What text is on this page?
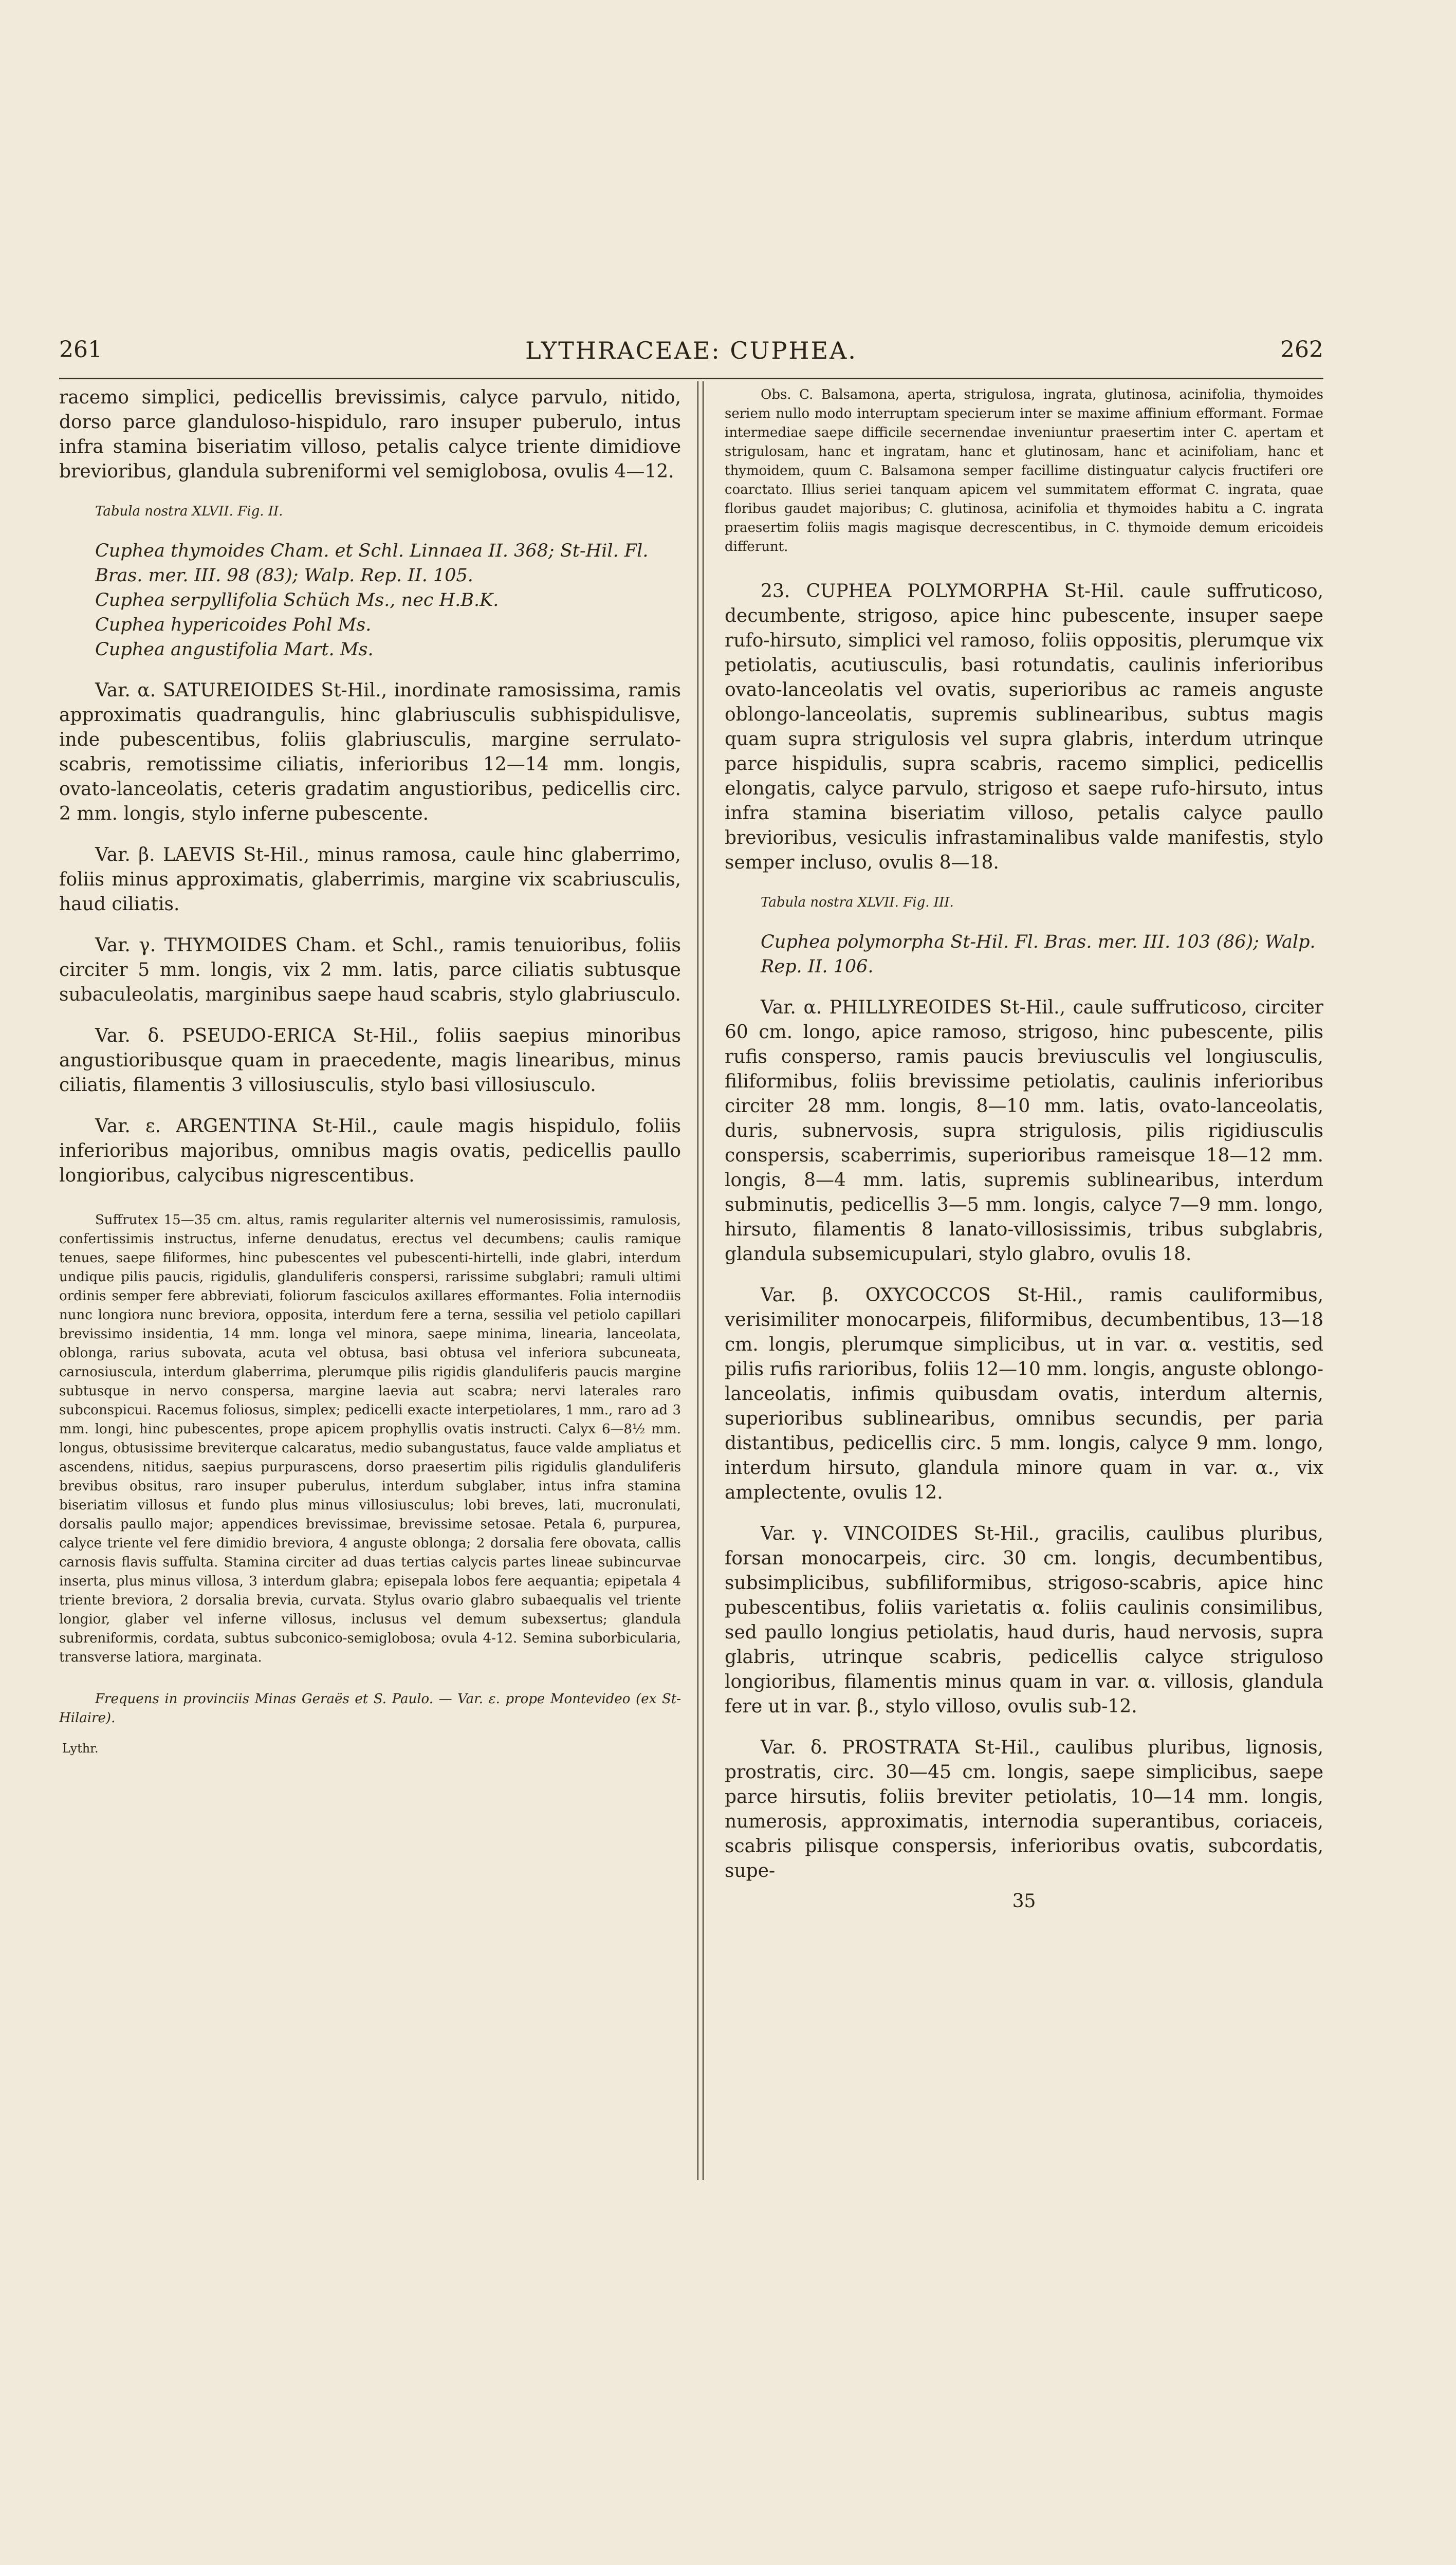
261	LYTHRACEAE: CUPHEA.	262

racemo simplici, pedicellis brevissimis, calyce parvulo, nitido, dorso parce glanduloso-hispidulo, raro insuper puberulo, intus infra stamina biseriatim villoso, petalis calyce triente dimidiove brevioribus, glandula subreniformi vel semiglobosa, ovulis 4—12.

Tabula nostra XLVII. Fig. II.

Cuphea thymoides Cham. et Schl. Linnaea II. 368; St-Hil. Fl. Bras. mer. III. 98 (83); Walp. Rep. II. 105.

Cuphea serpyllifolia Schüch Ms., nec H.B.K.

Cuphea hypericoides Pohl Ms.

Cuphea angustifolia Mart. Ms.

Var. α. SATUREIOIDES St-Hil., inordinate ramosissima, ramis approximatis quadrangulis, hinc glabriusculis subhispidulisve, inde pubescentibus, foliis glabriusculis, margine serrulato-scabris, remotissime ciliatis, inferioribus 12—14 mm. longis, ovato-lanceolatis, ceteris gradatim angustioribus, pedicellis circ. 2 mm. longis, stylo inferne pubescente.

Var. β. LAEVIS St-Hil., minus ramosa, caule hinc glaberrimo, foliis minus approximatis, glaberrimis, margine vix scabriusculis, haud ciliatis.

Var. γ. THYMOIDES Cham. et Schl., ramis tenuioribus, foliis circiter 5 mm. longis, vix 2 mm. latis, parce ciliatis subtusque subaculeolatis, marginibus saepe haud scabris, stylo glabriusculo.

Var. δ. PSEUDO-ERICA St-Hil., foliis saepius minoribus angustioribusque quam in praecedente, magis linearibus, minus ciliatis, filamentis 3 villosiusculis, stylo basi villosiusculo.

Var. ε. ARGENTINA St-Hil., caule magis hispidulo, foliis inferioribus majoribus, omnibus magis ovatis, pedicellis paullo longioribus, calycibus nigrescentibus.

Suffrutex 15—35 cm. altus, ramis regulariter alternis vel numerosissimis, ramulosis, confertissimis instructus, inferne denudatus, erectus vel decumbens; caulis ramique tenues, saepe filiformes, hinc pubescentes vel pubescenti-hirtelli, inde glabri, interdum undique pilis paucis, rigidulis, glanduliferis conspersi, rarissime subglabri; ramuli ultimi ordinis semper fere abbreviati, foliorum fasciculos axillares efformantes. Folia internodiis nunc longiora nunc breviora, opposita, interdum fere a terna, sessilia vel petiolo capillari brevissimo insidentia, 14 mm. longa vel minora, saepe minima, linearia, lanceolata, oblonga, rarius subovata, acuta vel obtusa, basi obtusa vel inferiora subcuneata, carnosiuscula, interdum glaberrima, plerumque pilis rigidis glanduliferis paucis margine subtusque in nervo conspersa, margine laevia aut scabra; nervi laterales raro subconspicui. Racemus foliosus, simplex; pedicelli exacte interpetiolares, 1 mm., raro ad 3 mm. longi, hinc pubescentes, prope apicem prophyllis ovatis instructi. Calyx 6—8½ mm. longus, obtusissime breviterque calcaratus, medio subangustatus, fauce valde ampliatus et ascendens, nitidus, saepius purpurascens, dorso praesertim pilis rigidulis glanduliferis brevibus obsitus, raro insuper puberulus, interdum subglaber, intus infra stamina biseriatim villosus et fundo plus minus villosiusculus; lobi breves, lati, mucronulati, dorsalis paullo major; appendices brevissimae, brevissime setosae. Petala 6, purpurea, calyce triente vel fere dimidio breviora, 4 anguste oblonga; 2 dorsalia fere obovata, callis carnosis flavis suffulta. Stamina circiter ad duas tertias calycis partes lineae subincurvae inserta, plus minus villosa, 3 interdum glabra; episepala lobos fere aequantia; epipetala 4 triente breviora, 2 dorsalia brevia, curvata. Stylus ovario glabro subaequalis vel triente longior, glaber vel inferne villosus, inclusus vel demum subexsertus; glandula subreniformis, cordata, subtus subconico-semiglobosa; ovula 4-12. Semina suborbicularia, transverse latiora, marginata.

Frequens in provinciis Minas Geraës et S. Paulo. — Var. ε. prope Montevideo (ex St-Hilaire).

Lythr.

Obs. C. Balsamona, aperta, strigulosa, ingrata, glutinosa, acinifolia, thymoides seriem nullo modo interruptam specierum inter se maxime affinium efformant. Formae intermediae saepe difficile secernendae inveniuntur praesertim inter C. apertam et strigulosam, hanc et ingratam, hanc et glutinosam, hanc et acinifoliam, hanc et thymoidem, quum C. Balsamona semper facillime distinguatur calycis fructiferi ore coarctato. Illius seriei tanquam apicem vel summitatem efformat C. ingrata, quae floribus gaudet majoribus; C. glutinosa, acinifolia et thymoides habitu a C. ingrata praesertim foliis magis magisque decrescentibus, in C. thymoide demum ericoideis differunt.

23. CUPHEA POLYMORPHA St-Hil. caule suffruticoso, decumbente, strigoso, apice hinc pubescente, insuper saepe rufo-hirsuto, simplici vel ramoso, foliis oppositis, plerumque vix petiolatis, acutiusculis, basi rotundatis, caulinis inferioribus ovato-lanceolatis vel ovatis, superioribus ac rameis anguste oblongo-lanceolatis, supremis sublinearibus, subtus magis quam supra strigulosis vel supra glabris, interdum utrinque parce hispidulis, supra scabris, racemo simplici, pedicellis elongatis, calyce parvulo, strigoso et saepe rufo-hirsuto, intus infra stamina biseriatim villoso, petalis calyce paullo brevioribus, vesiculis infrastaminalibus valde manifestis, stylo semper incluso, ovulis 8—18.

Tabula nostra XLVII. Fig. III.

Cuphea polymorpha St-Hil. Fl. Bras. mer. III. 103 (86); Walp. Rep. II. 106.

Var. α. PHILLYREOIDES St-Hil., caule suffruticoso, circiter 60 cm. longo, apice ramoso, strigoso, hinc pubescente, pilis rufis consperso, ramis paucis breviusculis vel longiusculis, filiformibus, foliis brevissime petiolatis, caulinis inferioribus circiter 28 mm. longis, 8—10 mm. latis, ovato-lanceolatis, duris, subnervosis, supra strigulosis, pilis rigidiusculis conspersis, scaberrimis, superioribus rameisque 18—12 mm. longis, 8—4 mm. latis, supremis sublinearibus, interdum subminutis, pedicellis 3—5 mm. longis, calyce 7—9 mm. longo, hirsuto, filamentis 8 lanato-villosissimis, tribus subglabris, glandula subsemicupulari, stylo glabro, ovulis 18.

Var. β. OXYCOCCOS St-Hil., ramis cauliformibus, verisimiliter monocarpeis, filiformibus, decumbentibus, 13—18 cm. longis, plerumque simplicibus, ut in var. α. vestitis, sed pilis rufis rarioribus, foliis 12—10 mm. longis, anguste oblongo-lanceolatis, infimis quibusdam ovatis, interdum alternis, superioribus sublinearibus, omnibus secundis, per paria distantibus, pedicellis circ. 5 mm. longis, calyce 9 mm. longo, interdum hirsuto, glandula minore quam in var. α., vix amplectente, ovulis 12.

Var. γ. VINCOIDES St-Hil., gracilis, caulibus pluribus, forsan monocarpeis, circ. 30 cm. longis, decumbentibus, subsimplicibus, subfiliformibus, strigoso-scabris, apice hinc pubescentibus, foliis varietatis α. foliis caulinis consimilibus, sed paullo longius petiolatis, haud duris, haud nervosis, supra glabris, utrinque scabris, pedicellis calyce striguloso longioribus, filamentis minus quam in var. α. villosis, glandula fere ut in var. β., stylo villoso, ovulis sub-12.

Var. δ. PROSTRATA St-Hil., caulibus pluribus, lignosis, prostratis, circ. 30—45 cm. longis, saepe simplicibus, saepe parce hirsutis, foliis breviter petiolatis, 10—14 mm. longis, numerosis, approximatis, internodia superantibus, coriaceis, scabris pilisque conspersis, inferioribus ovatis, subcordatis, supe-

35
